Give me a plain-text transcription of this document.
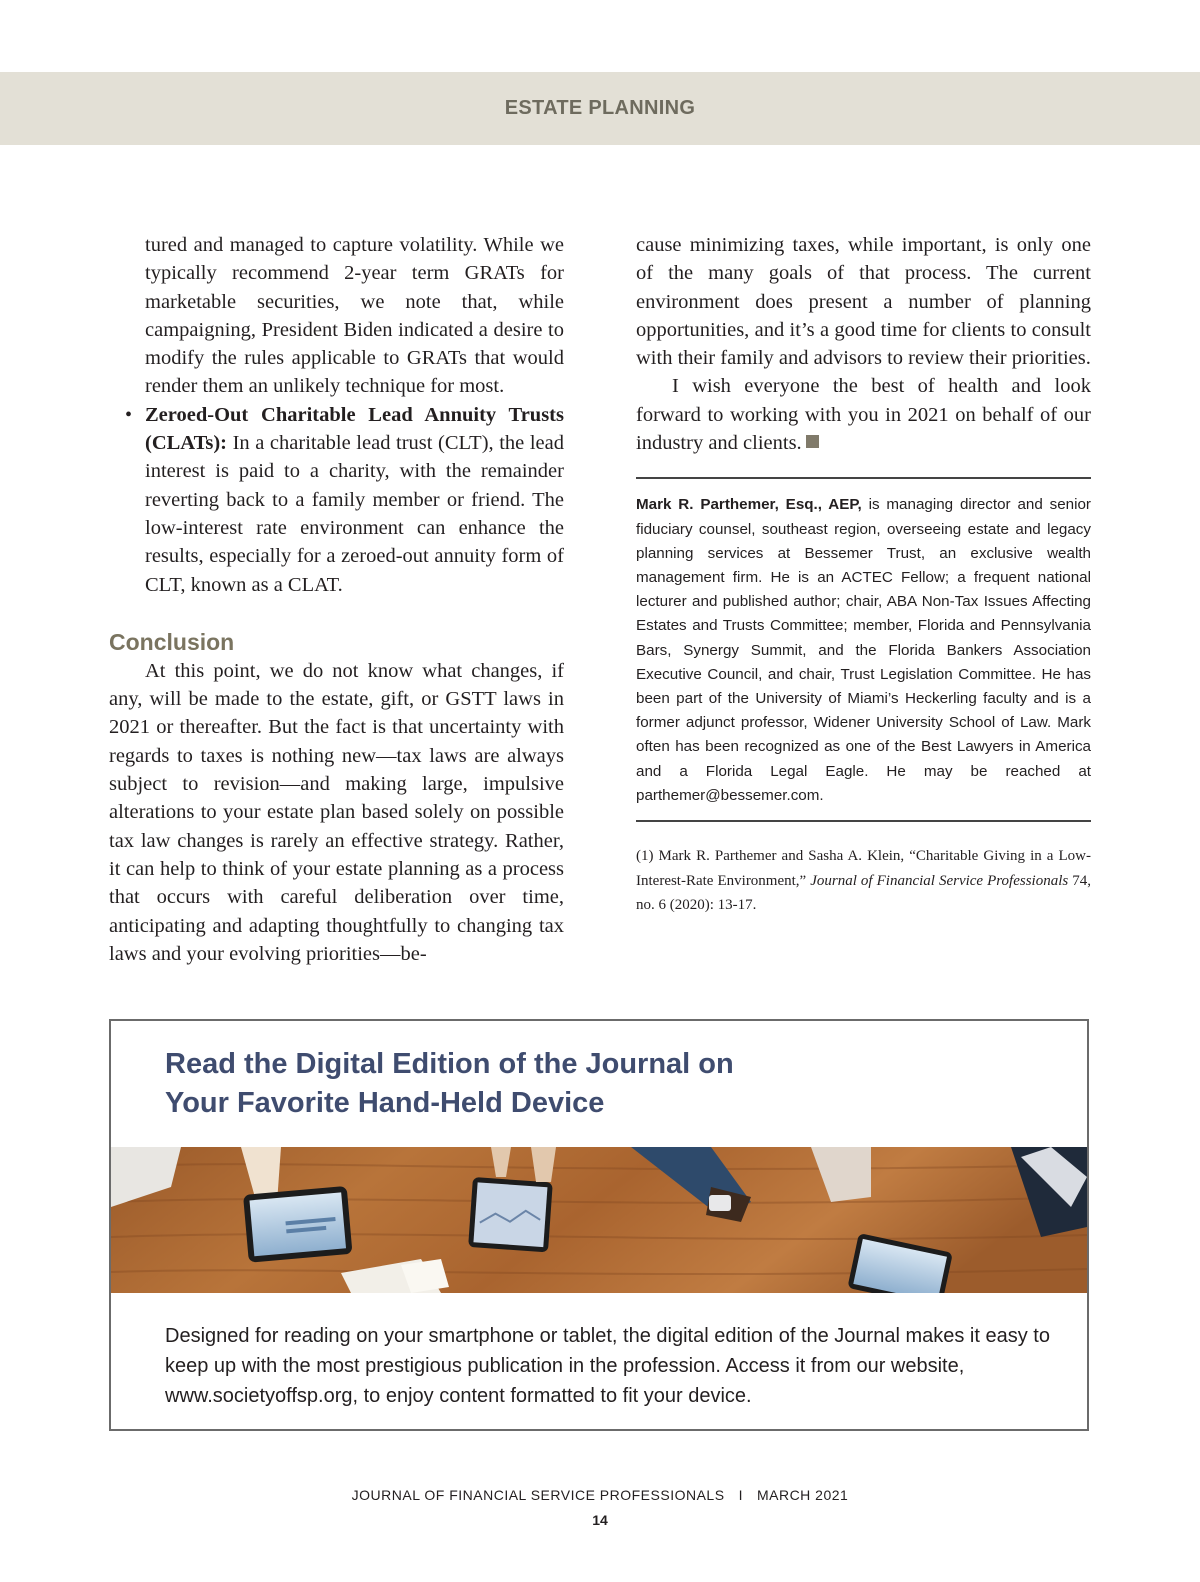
ESTATE PLANNING

tured and managed to capture volatility. While we typically recommend 2-year term GRATs for marketable securities, we note that, while campaigning, President Biden indicated a desire to modify the rules applicable to GRATs that would render them an unlikely technique for most.

• Zeroed-Out Charitable Lead Annuity Trusts (CLATs): In a charitable lead trust (CLT), the lead interest is paid to a charity, with the remainder reverting back to a family member or friend. The low-interest rate environment can enhance the results, especially for a zeroed-out annuity form of CLT, known as a CLAT.
Conclusion

At this point, we do not know what changes, if any, will be made to the estate, gift, or GSTT laws in 2021 or thereafter. But the fact is that uncertainty with regards to taxes is nothing new—tax laws are always subject to revision—and making large, impulsive alterations to your estate plan based solely on possible tax law changes is rarely an effective strategy. Rather, it can help to think of your estate planning as a process that occurs with careful deliberation over time, anticipating and adapting thoughtfully to changing tax laws and your evolving priorities—be-

cause minimizing taxes, while important, is only one of the many goals of that process. The current environment does present a number of planning opportunities, and it’s a good time for clients to consult with their family and advisors to review their priorities.

I wish everyone the best of health and look forward to working with you in 2021 on behalf of our industry and clients.

Mark R. Parthemer, Esq., AEP, is managing director and senior fiduciary counsel, southeast region, overseeing estate and legacy planning services at Bessemer Trust, an exclusive wealth management firm. He is an ACTEC Fellow; a frequent national lecturer and published author; chair, ABA Non-Tax Issues Affecting Estates and Trusts Committee; member, Florida and Pennsylvania Bars, Synergy Summit, and the Florida Bankers Association Executive Council, and chair, Trust Legislation Committee. He has been part of the University of Miami’s Heckerling faculty and is a former adjunct professor, Widener University School of Law. Mark often has been recognized as one of the Best Lawyers in America and a Florida Legal Eagle. He may be reached at parthemer@bessemer.com.

(1) Mark R. Parthemer and Sasha A. Klein, “Charitable Giving in a Low-Interest-Rate Environment,” Journal of Financial Service Professionals 74, no. 6 (2020): 13-17.

Read the Digital Edition of the Journal on
Your Favorite Hand-Held Device

Designed for reading on your smartphone or tablet, the digital edition of the Journal makes it easy to keep up with the most prestigious publication in the profession. Access it from our website, www.societyoffsp.org, to enjoy content formatted to fit your device.

JOURNAL OF FINANCIAL SERVICE PROFESSIONALS I MARCH 2021
14
